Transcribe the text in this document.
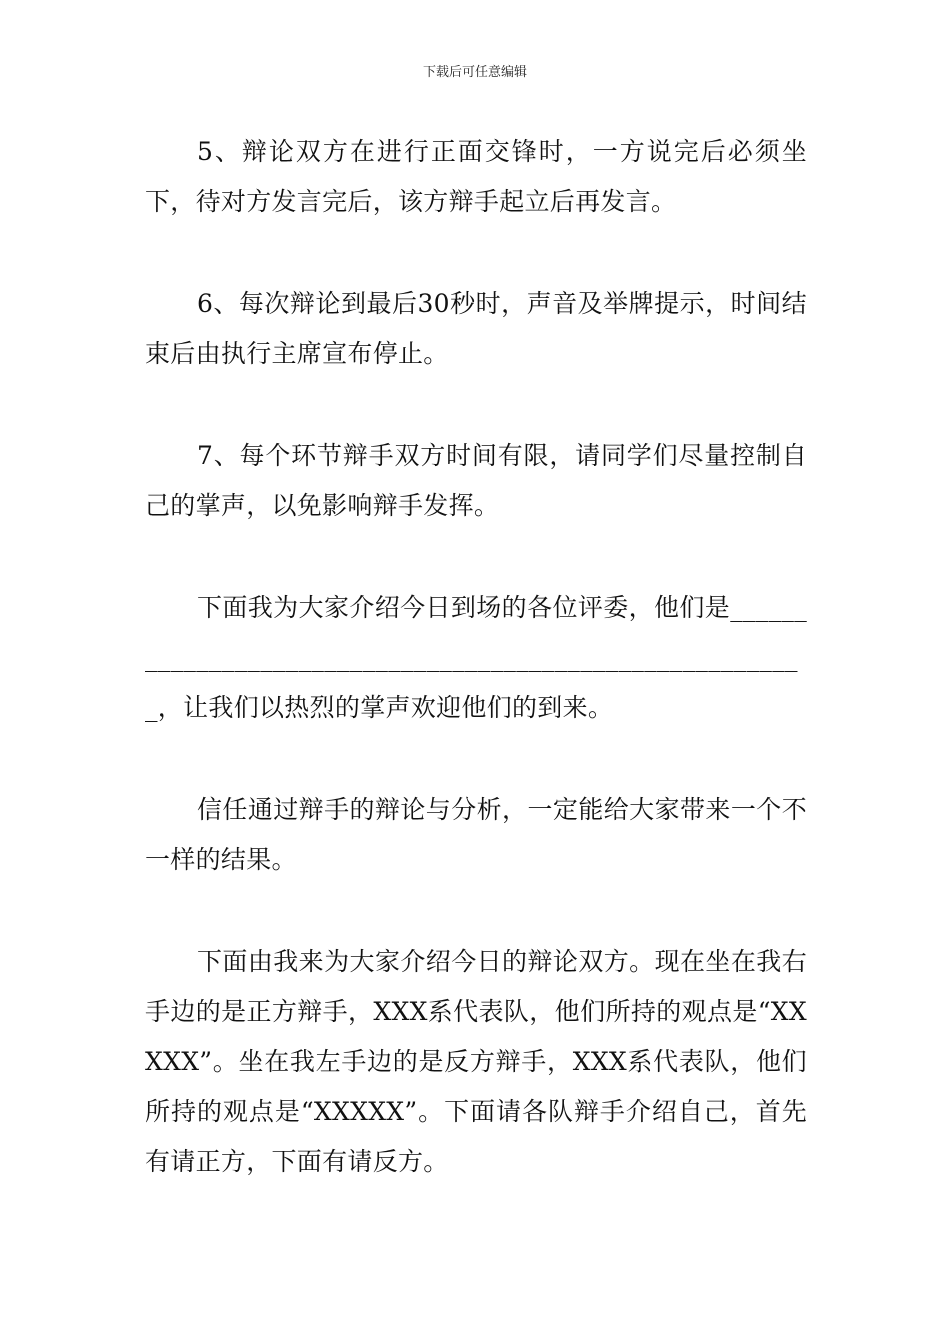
下载后可任意编辑

5、辩论双方在进行正面交锋时，一方说完后必须坐下，待对方发言完后，该方辩手起立后再发言。

6、每次辩论到最后30秒时，声音及举牌提示，时间结束后由执行主席宣布停止。

7、每个环节辩手双方时间有限，请同学们尽量控制自己的掌声，以免影响辩手发挥。

下面我为大家介绍今日到场的各位评委，他们是__________________________________________________________，让我们以热烈的掌声欢迎他们的到来。

信任通过辩手的辩论与分析，一定能给大家带来一个不一样的结果。

下面由我来为大家介绍今日的辩论双方。现在坐在我右手边的是正方辩手，XXX系代表队，他们所持的观点是“XXXXX”。坐在我左手边的是反方辩手，XXX系代表队，他们所持的观点是“XXXXX”。下面请各队辩手介绍自己，首先有请正方，下面有请反方。
